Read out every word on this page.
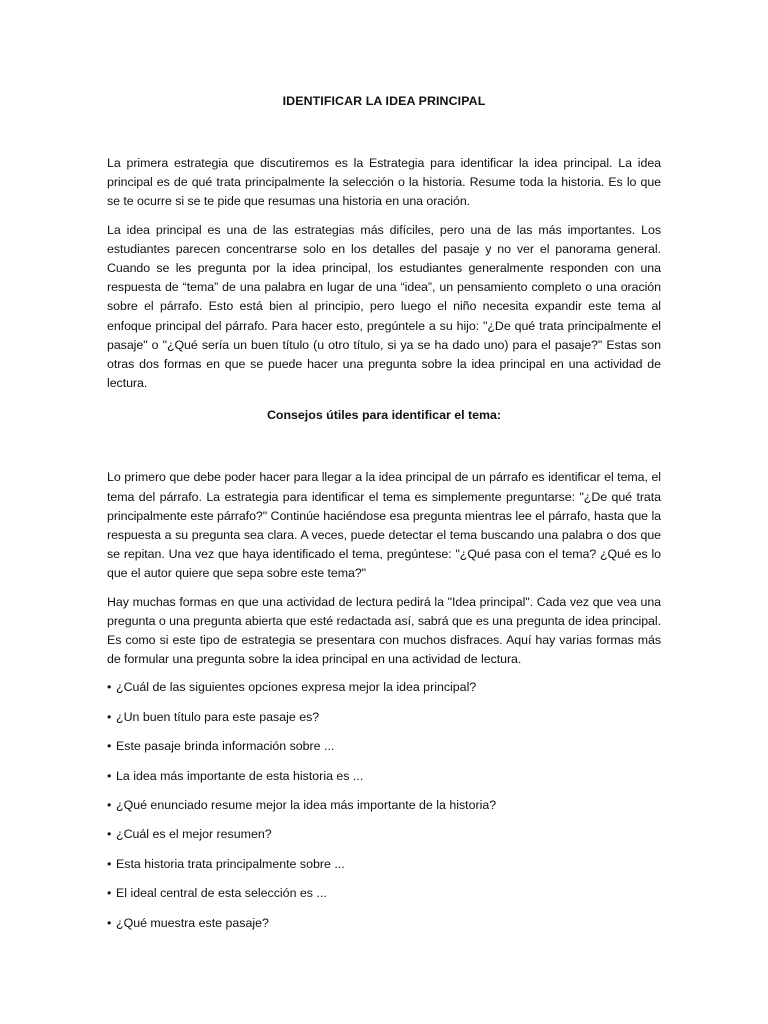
IDENTIFICAR LA IDEA PRINCIPAL

La primera estrategia que discutiremos es la Estrategia para identificar la idea principal. La idea principal es de qué trata principalmente la selección o la historia. Resume toda la historia. Es lo que se te ocurre si se te pide que resumas una historia en una oración.

La idea principal es una de las estrategias más difíciles, pero una de las más importantes. Los estudiantes parecen concentrarse solo en los detalles del pasaje y no ver el panorama general. Cuando se les pregunta por la idea principal, los estudiantes generalmente responden con una respuesta de “tema” de una palabra en lugar de una “idea”, un pensamiento completo o una oración sobre el párrafo. Esto está bien al principio, pero luego el niño necesita expandir este tema al enfoque principal del párrafo. Para hacer esto, pregúntele a su hijo: "¿De qué trata principalmente el pasaje" o "¿Qué sería un buen título (u otro título, si ya se ha dado uno) para el pasaje?" Estas son otras dos formas en que se puede hacer una pregunta sobre la idea principal en una actividad de lectura.

Consejos útiles para identificar el tema:

Lo primero que debe poder hacer para llegar a la idea principal de un párrafo es identificar el tema, el tema del párrafo. La estrategia para identificar el tema es simplemente preguntarse: "¿De qué trata principalmente este párrafo?" Continúe haciéndose esa pregunta mientras lee el párrafo, hasta que la respuesta a su pregunta sea clara. A veces, puede detectar el tema buscando una palabra o dos que se repitan. Una vez que haya identificado el tema, pregúntese: "¿Qué pasa con el tema? ¿Qué es lo que el autor quiere que sepa sobre este tema?"

Hay muchas formas en que una actividad de lectura pedirá la "Idea principal". Cada vez que vea una pregunta o una pregunta abierta que esté redactada así, sabrá que es una pregunta de idea principal. Es como si este tipo de estrategia se presentara con muchos disfraces. Aquí hay varias formas más de formular una pregunta sobre la idea principal en una actividad de lectura.

• ¿Cuál de las siguientes opciones expresa mejor la idea principal?
• ¿Un buen título para este pasaje es?
• Este pasaje brinda información sobre ...
• La idea más importante de esta historia es ...
• ¿Qué enunciado resume mejor la idea más importante de la historia?
• ¿Cuál es el mejor resumen?
• Esta historia trata principalmente sobre ...
• El ideal central de esta selección es ...
• ¿Qué muestra este pasaje?
